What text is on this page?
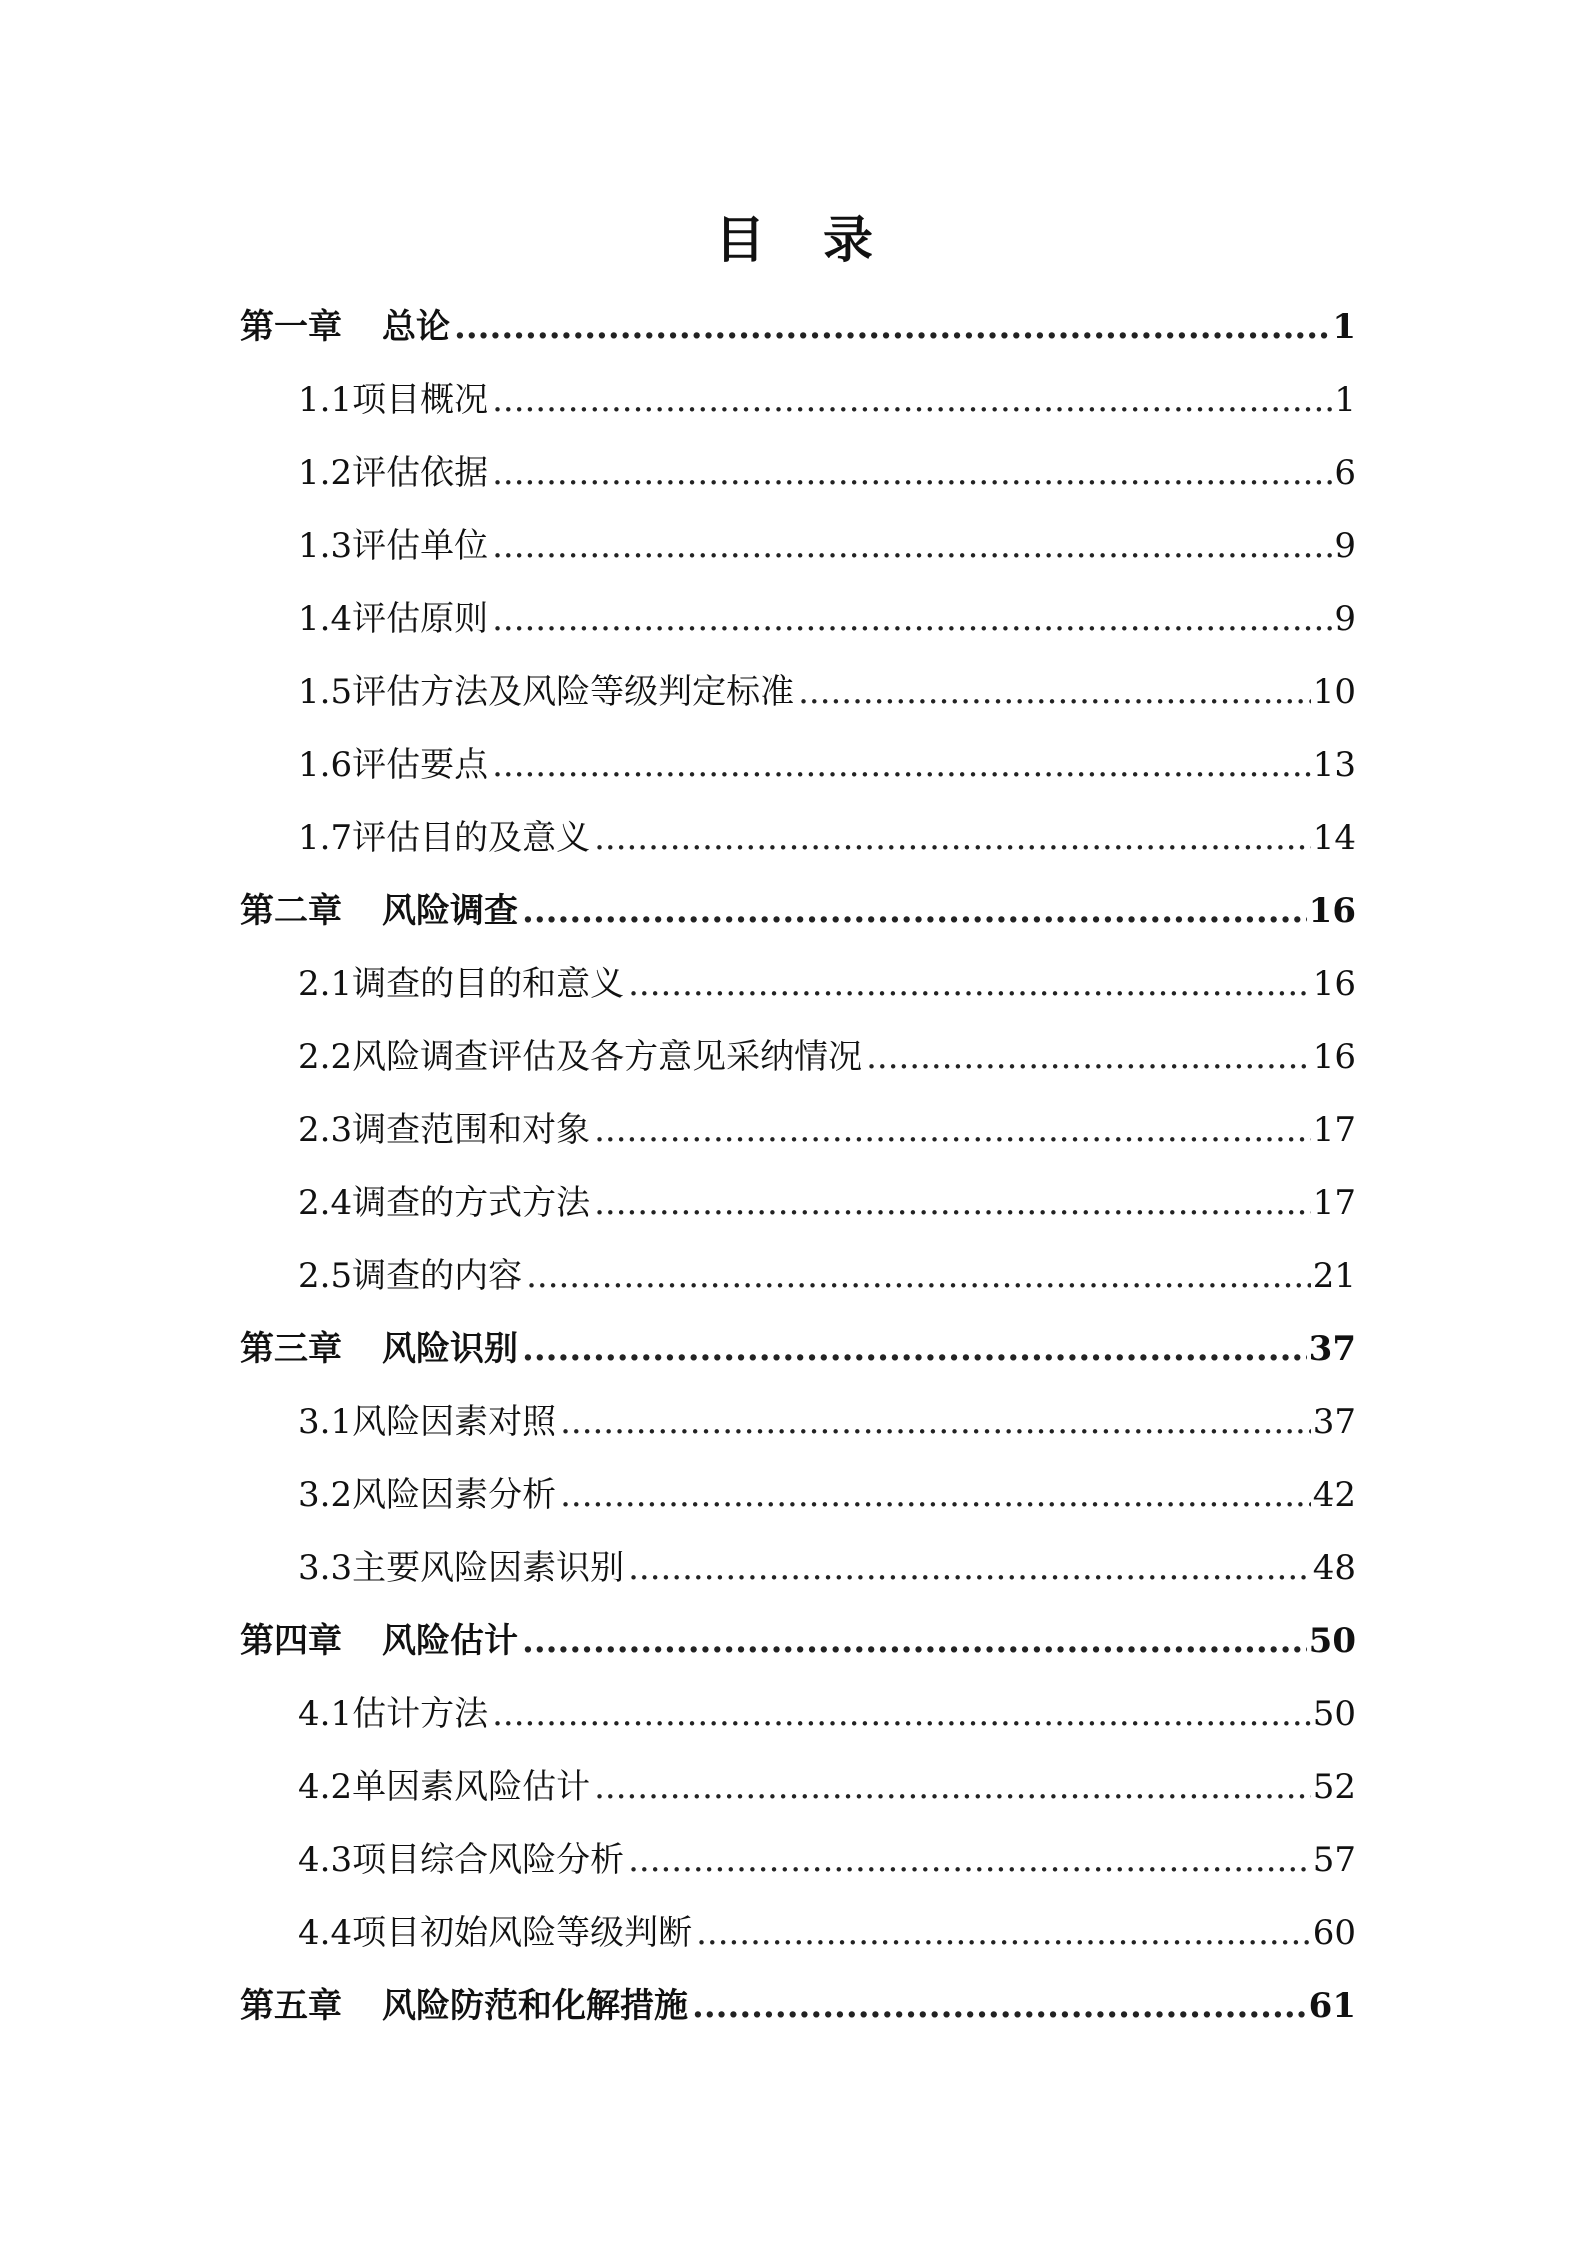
目录
第一章 总论 .....	1
1.1项目概况 .....	1
1.2评估依据 .....	6
1.3评估单位 .....	9
1.4评估原则 .....	9
1.5评估方法及风险等级判定标准 .....	10
1.6评估要点 .....	13
1.7评估目的及意义 .....	14
第二章 风险调查 .....	16
2.1调查的目的和意义 .....	16
2.2风险调查评估及各方意见采纳情况 .....	16
2.3调查范围和对象 .....	17
2.4调查的方式方法 .....	17
2.5调查的内容 .....	21
第三章 风险识别 .....	37
3.1风险因素对照 .....	37
3.2风险因素分析 .....	42
3.3主要风险因素识别 .....	48
第四章 风险估计 .....	50
4.1估计方法 .....	50
4.2单因素风险估计 .....	52
4.3项目综合风险分析 .....	57
4.4项目初始风险等级判断 .....	60
第五章 风险防范和化解措施 .....	61
